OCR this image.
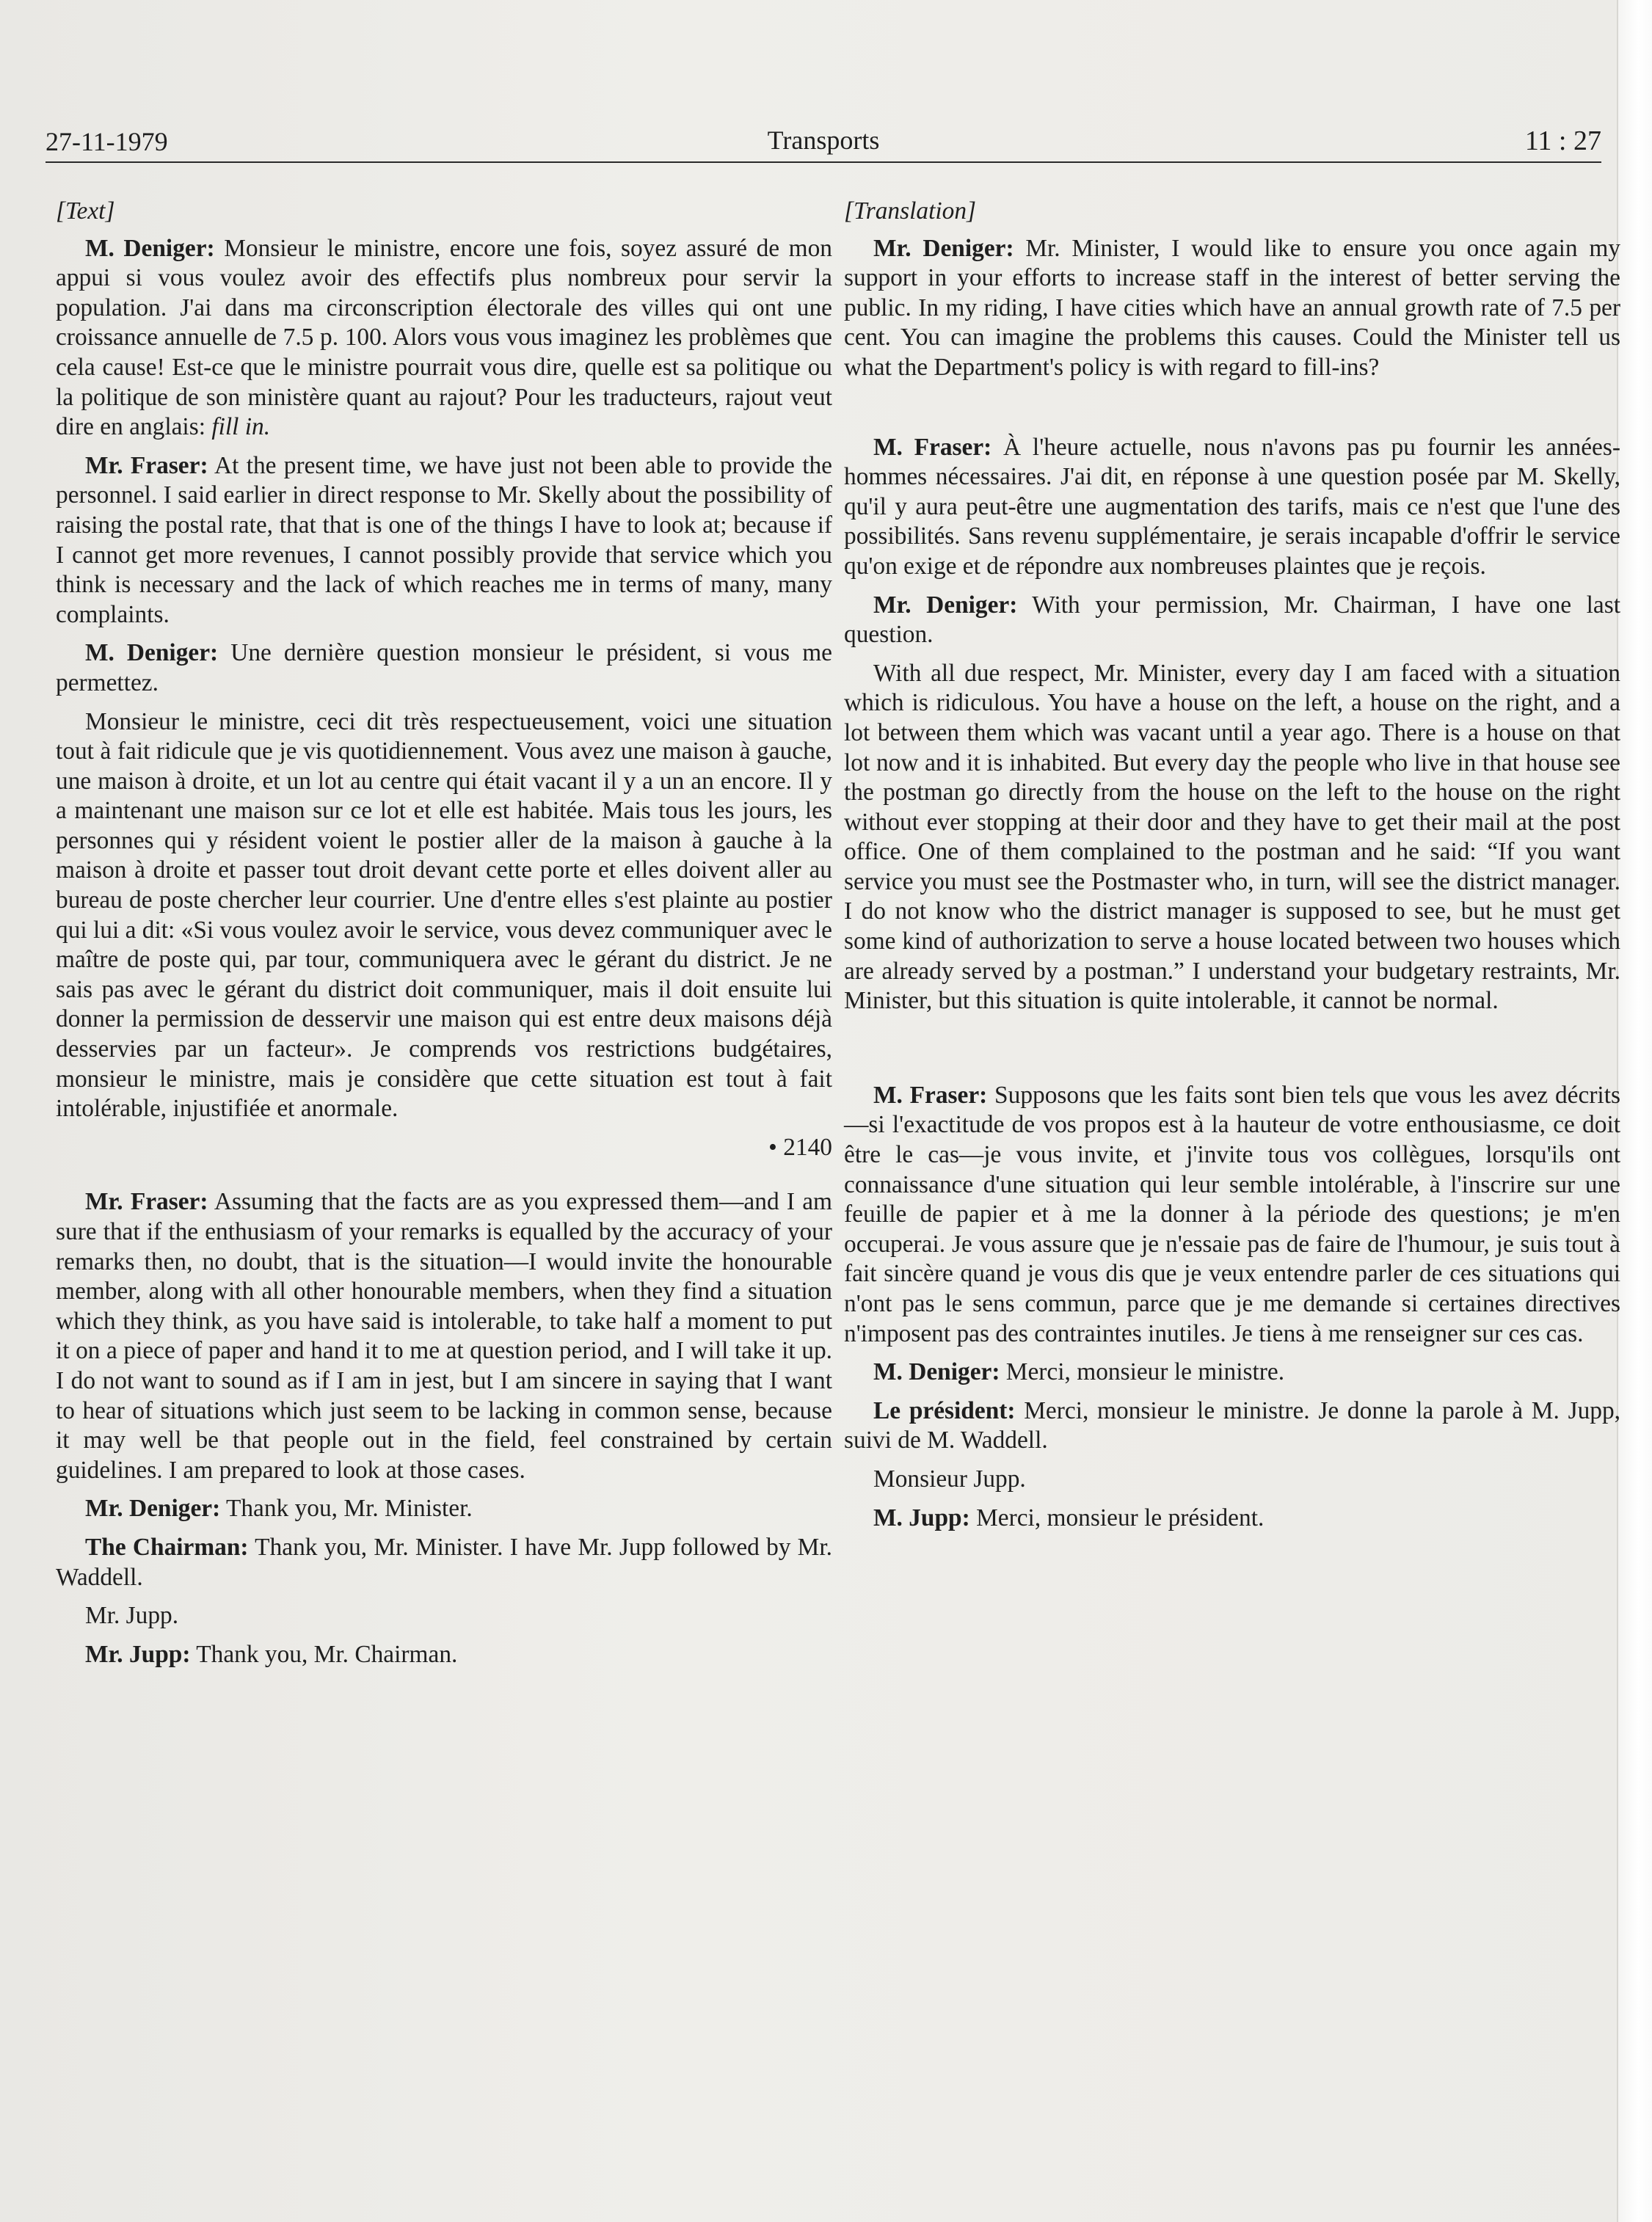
27-11-1979	Transports	11 : 27

[Text]

M. Deniger: Monsieur le ministre, encore une fois, soyez assuré de mon appui si vous voulez avoir des effectifs plus nombreux pour servir la population. J'ai dans ma circonscription électorale des villes qui ont une croissance annuelle de 7.5 p. 100. Alors vous vous imaginez les problèmes que cela cause! Est-ce que le ministre pourrait vous dire, quelle est sa politique ou la politique de son ministère quant au rajout? Pour les traducteurs, rajout veut dire en anglais: fill in.

Mr. Fraser: At the present time, we have just not been able to provide the personnel. I said earlier in direct response to Mr. Skelly about the possibility of raising the postal rate, that that is one of the things I have to look at; because if I cannot get more revenues, I cannot possibly provide that service which you think is necessary and the lack of which reaches me in terms of many, many complaints.

M. Deniger: Une dernière question monsieur le président, si vous me permettez.

Monsieur le ministre, ceci dit très respectueusement, voici une situation tout à fait ridicule que je vis quotidiennement. Vous avez une maison à gauche, une maison à droite, et un lot au centre qui était vacant il y a un an encore. Il y a maintenant une maison sur ce lot et elle est habitée. Mais tous les jours, les personnes qui y résident voient le postier aller de la maison à gauche à la maison à droite et passer tout droit devant cette porte et elles doivent aller au bureau de poste chercher leur courrier. Une d'entre elles s'est plainte au postier qui lui a dit: «Si vous voulez avoir le service, vous devez communiquer avec le maître de poste qui, par tour, communiquera avec le gérant du district. Je ne sais pas avec le gérant du district doit communiquer, mais il doit ensuite lui donner la permission de desservir une maison qui est entre deux maisons déjà desservies par un facteur». Je comprends vos restrictions budgétaires, monsieur le ministre, mais je considère que cette situation est tout à fait intolérable, injustifiée et anormale.

• 2140

Mr. Fraser: Assuming that the facts are as you expressed them—and I am sure that if the enthusiasm of your remarks is equalled by the accuracy of your remarks then, no doubt, that is the situation—I would invite the honourable member, along with all other honourable members, when they find a situation which they think, as you have said is intolerable, to take half a moment to put it on a piece of paper and hand it to me at question period, and I will take it up. I do not want to sound as if I am in jest, but I am sincere in saying that I want to hear of situations which just seem to be lacking in common sense, because it may well be that people out in the field, feel constrained by certain guidelines. I am prepared to look at those cases.

Mr. Deniger: Thank you, Mr. Minister.

The Chairman: Thank you, Mr. Minister. I have Mr. Jupp followed by Mr. Waddell.

Mr. Jupp.

Mr. Jupp: Thank you, Mr. Chairman.

[Translation]

Mr. Deniger: Mr. Minister, I would like to ensure you once again my support in your efforts to increase staff in the interest of better serving the public. In my riding, I have cities which have an annual growth rate of 7.5 per cent. You can imagine the problems this causes. Could the Minister tell us what the Department's policy is with regard to fill-ins?

M. Fraser: À l'heure actuelle, nous n'avons pas pu fournir les années-hommes nécessaires. J'ai dit, en réponse à une question posée par M. Skelly, qu'il y aura peut-être une augmentation des tarifs, mais ce n'est que l'une des possibilités. Sans revenu supplémentaire, je serais incapable d'offrir le service qu'on exige et de répondre aux nombreuses plaintes que je reçois.

Mr. Deniger: With your permission, Mr. Chairman, I have one last question.

With all due respect, Mr. Minister, every day I am faced with a situation which is ridiculous. You have a house on the left, a house on the right, and a lot between them which was vacant until a year ago. There is a house on that lot now and it is inhabited. But every day the people who live in that house see the postman go directly from the house on the left to the house on the right without ever stopping at their door and they have to get their mail at the post office. One of them complained to the postman and he said: “If you want service you must see the Postmaster who, in turn, will see the district manager. I do not know who the district manager is supposed to see, but he must get some kind of authorization to serve a house located between two houses which are already served by a postman.” I understand your budgetary restraints, Mr. Minister, but this situation is quite intolerable, it cannot be normal.

M. Fraser: Supposons que les faits sont bien tels que vous les avez décrits—si l'exactitude de vos propos est à la hauteur de votre enthousiasme, ce doit être le cas—je vous invite, et j'invite tous vos collègues, lorsqu'ils ont connaissance d'une situation qui leur semble intolérable, à l'inscrire sur une feuille de papier et à me la donner à la période des questions; je m'en occuperai. Je vous assure que je n'essaie pas de faire de l'humour, je suis tout à fait sincère quand je vous dis que je veux entendre parler de ces situations qui n'ont pas le sens commun, parce que je me demande si certaines directives n'imposent pas des contraintes inutiles. Je tiens à me renseigner sur ces cas.

M. Deniger: Merci, monsieur le ministre.

Le président: Merci, monsieur le ministre. Je donne la parole à M. Jupp, suivi de M. Waddell.

Monsieur Jupp.

M. Jupp: Merci, monsieur le président.
